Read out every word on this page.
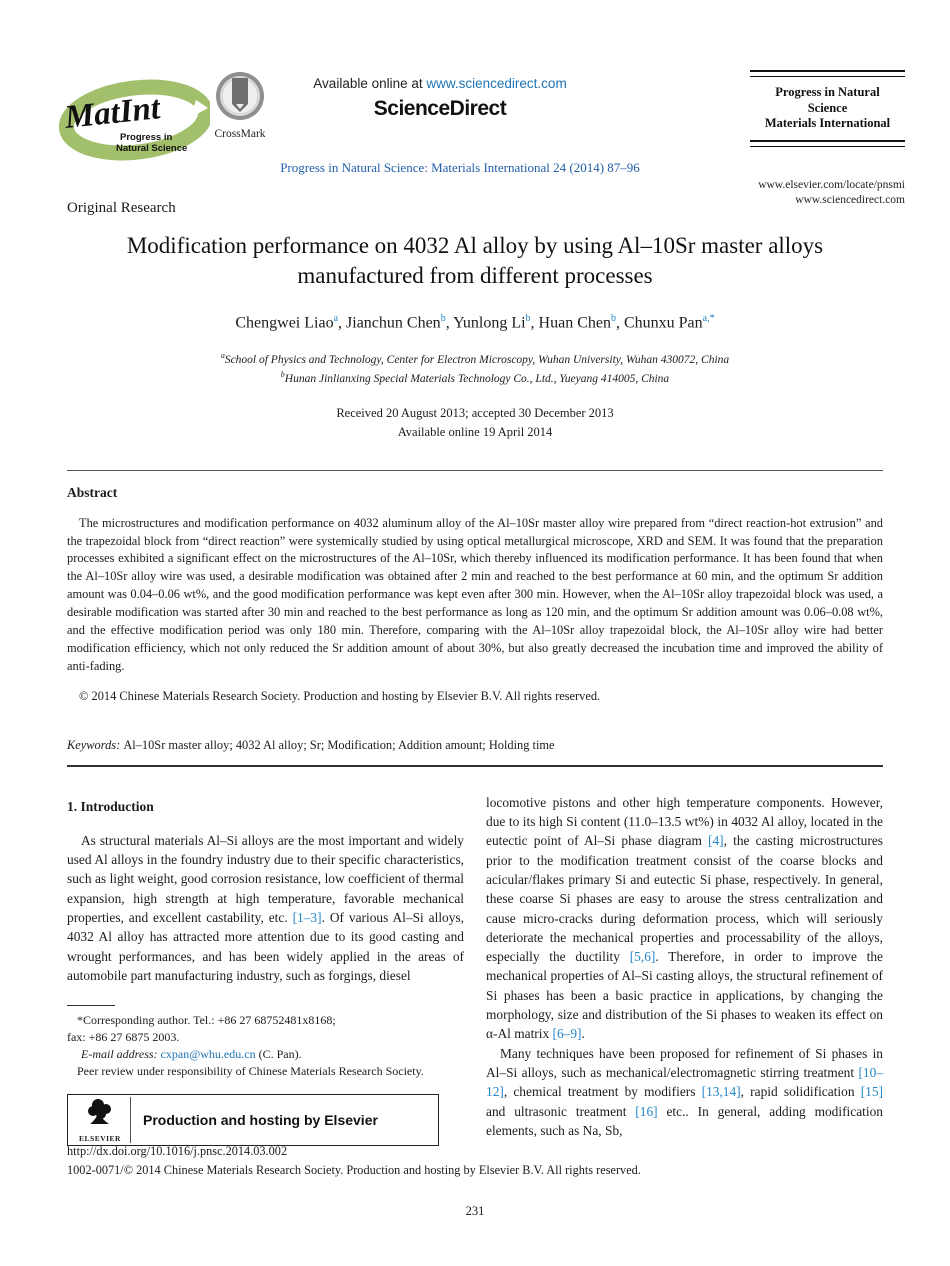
MatInt
Progress in
Natural Science
CrossMark
Available online at www.sciencedirect.com
ScienceDirect
Progress in Natural Science: Materials International 24 (2014) 87–96
Progress in Natural
Science
Materials International
www.elsevier.com/locate/pnsmi
www.sciencedirect.com
Original Research
Modification performance on 4032 Al alloy by using Al–10Sr master alloys
manufactured from different processes
Chengwei Liao$^a$, Jianchun Chen$^b$, Yunlong Li$^b$, Huan Chen$^b$, Chunxu Pan$^{a,*}$
$^a$School of Physics and Technology, Center for Electron Microscopy, Wuhan University, Wuhan 430072, China
$^b$Hunan Jinlianxing Special Materials Technology Co., Ltd., Yueyang 414005, China
Received 20 August 2013; accepted 30 December 2013
Available online 19 April 2014
Abstract

The microstructures and modification performance on 4032 aluminum alloy of the Al–10Sr master alloy wire prepared from “direct reaction-hot extrusion” and the trapezoidal block from “direct reaction” were systemically studied by using optical metallurgical microscope, XRD and SEM. It was found that the preparation processes exhibited a significant effect on the microstructures of the Al–10Sr, which thereby influenced its modification performance. It has been found that when the Al–10Sr alloy wire was used, a desirable modification was obtained after 2 min and reached to the best performance at 60 min, and the optimum Sr addition amount was 0.04–0.06 wt%, and the good modification performance was kept even after 300 min. However, when the Al–10Sr alloy trapezoidal block was used, a desirable modification was started after 30 min and reached to the best performance as long as 120 min, and the optimum Sr addition amount was 0.06–0.08 wt%, and the effective modification period was only 180 min. Therefore, comparing with the Al–10Sr alloy trapezoidal block, the Al–10Sr alloy wire had better modification efficiency, which not only reduced the Sr addition amount of about 30%, but also greatly decreased the incubation time and improved the ability of anti-fading.

© 2014 Chinese Materials Research Society. Production and hosting by Elsevier B.V. All rights reserved.

Keywords: Al–10Sr master alloy; 4032 Al alloy; Sr; Modification; Addition amount; Holding time
1. Introduction

As structural materials Al–Si alloys are the most important and widely used Al alloys in the foundry industry due to their specific characteristics, such as light weight, good corrosion resistance, low coefficient of thermal expansion, high strength at high temperature, favorable mechanical properties, and excellent castability, etc. [1–3]. Of various Al–Si alloys, 4032 Al alloy has attracted more attention due to its good casting and wrought performances, and has been widely applied in the areas of automobile part manufacturing industry, such as forgings, diesel

*Corresponding author. Tel.: +86 27 68752481x8168;
fax: +86 27 6875 2003.
E-mail address: cxpan@whu.edu.cn (C. Pan).
Peer review under responsibility of Chinese Materials Research Society.
ELSEVIER
Production and hosting by Elsevier

locomotive pistons and other high temperature components. However, due to its high Si content (11.0–13.5 wt%) in 4032 Al alloy, located in the eutectic point of Al–Si phase diagram [4], the casting microstructures prior to the modification treatment consist of the coarse blocks and acicular/flakes primary Si and eutectic Si phase, respectively. In general, these coarse Si phases are easy to arouse the stress centralization and cause micro-cracks during deformation process, which will seriously deteriorate the mechanical properties and processability of the alloys, especially the ductility [5,6]. Therefore, in order to improve the mechanical properties of Al–Si casting alloys, the structural refinement of Si phases has been a basic practice in applications, by changing the morphology, size and distribution of the Si phases to weaken its effect on α-Al matrix [6–9].

Many techniques have been proposed for refinement of Si phases in Al–Si alloys, such as mechanical/electromagnetic stirring treatment [10–12], chemical treatment by modifiers [13,14], rapid solidification [15] and ultrasonic treatment [16] etc.. In general, adding modification elements, such as Na, Sb,

http://dx.doi.org/10.1016/j.pnsc.2014.03.002
1002-0071/© 2014 Chinese Materials Research Society. Production and hosting by Elsevier B.V. All rights reserved.
231
